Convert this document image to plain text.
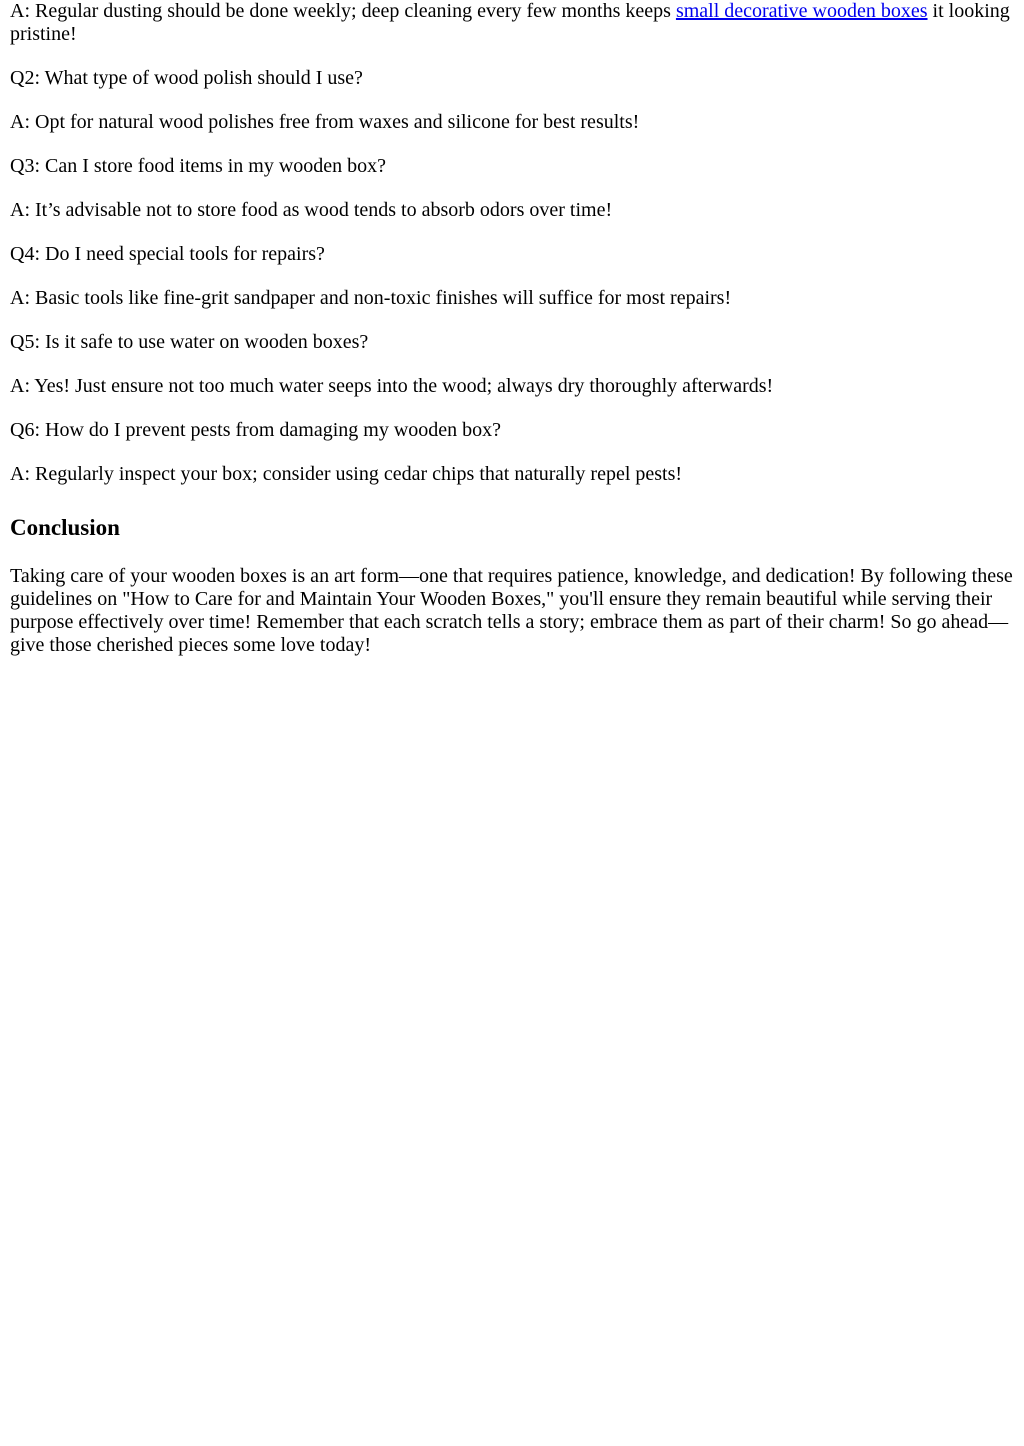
A: Regular dusting should be done weekly; deep cleaning every few months keeps small decorative wooden boxes it looking pristine!

Q2: What type of wood polish should I use?

A: Opt for natural wood polishes free from waxes and silicone for best results!

Q3: Can I store food items in my wooden box?

A: It’s advisable not to store food as wood tends to absorb odors over time!

Q4: Do I need special tools for repairs?

A: Basic tools like fine-grit sandpaper and non-toxic finishes will suffice for most repairs!

Q5: Is it safe to use water on wooden boxes?

A: Yes! Just ensure not too much water seeps into the wood; always dry thoroughly afterwards!

Q6: How do I prevent pests from damaging my wooden box?

A: Regularly inspect your box; consider using cedar chips that naturally repel pests!

Conclusion

Taking care of your wooden boxes is an art form—one that requires patience, knowledge, and dedication! By following these guidelines on "How to Care for and Maintain Your Wooden Boxes," you'll ensure they remain beautiful while serving their purpose effectively over time! Remember that each scratch tells a story; embrace them as part of their charm! So go ahead—give those cherished pieces some love today!
